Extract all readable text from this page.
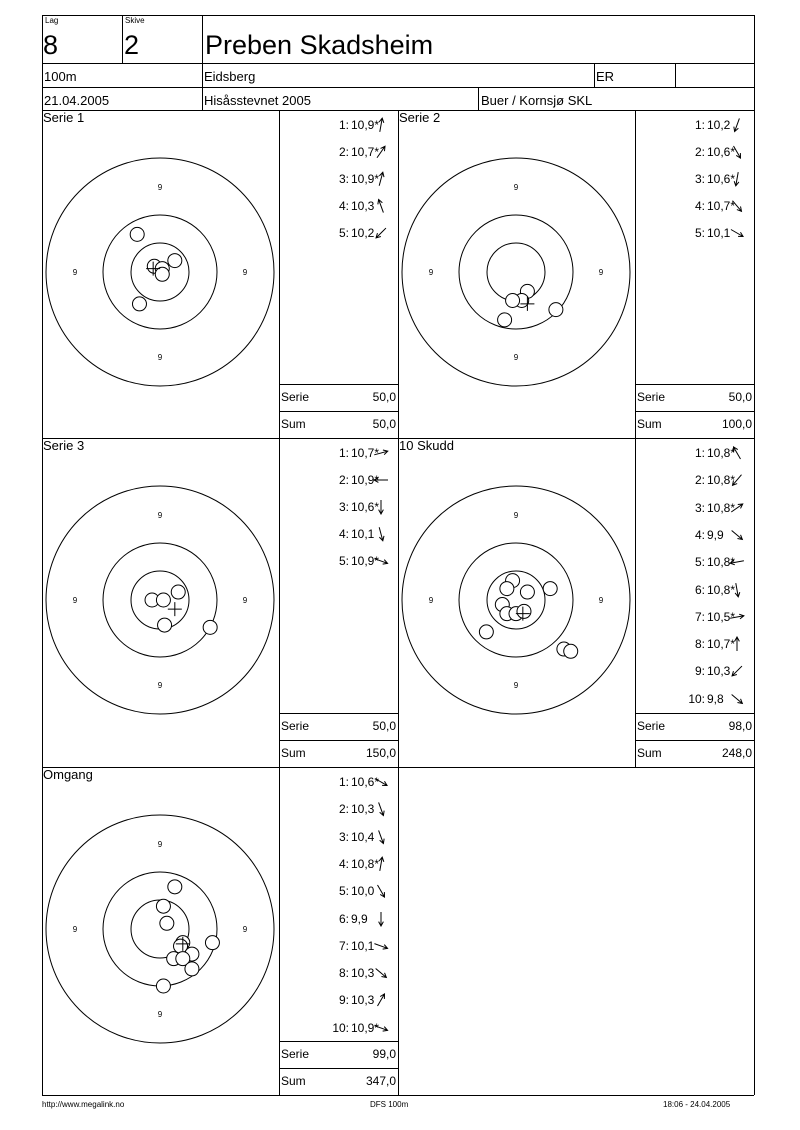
Lag
8
Skive
2 Preben Skadsheim
100m	Eidsberg	ER
21.04.2005	Hisåsstevnet 2005	Buer / Kornsjø SKL
Serie 1
9
9
9	9
1: 10,9*
2: 10,7*
3: 10,9*
4: 10,3
5: 10,2
Serie	50,0
Sum	50,0
Serie 2
9
9
9	9
1: 10,2
2: 10,6*
3: 10,6*
4: 10,7*
5: 10,1
Serie	50,0
Sum	100,0
Serie 3
9
9
9	9
1: 10,7*
2: 10,9*
3: 10,6*
4: 10,1
5: 10,9*
Serie	50,0
Sum	150,0
10 Skudd
9
9
9	9
1: 10,8*
2: 10,8*
3: 10,8*
4: 9,9
5: 10,8*
6: 10,8*
7: 10,5*
8: 10,7*
9: 10,3
10: 9,8
Serie	98,0
Sum	248,0
Omgang
9
9
9	9
1: 10,6*
2: 10,3
3: 10,4
4: 10,8*
5: 10,0
6: 9,9
7: 10,1
8: 10,3
9: 10,3
10: 10,9*
Serie	99,0
Sum	347,0
http://www.megalink.no	DFS 100m	18:06 - 24.04.2005
